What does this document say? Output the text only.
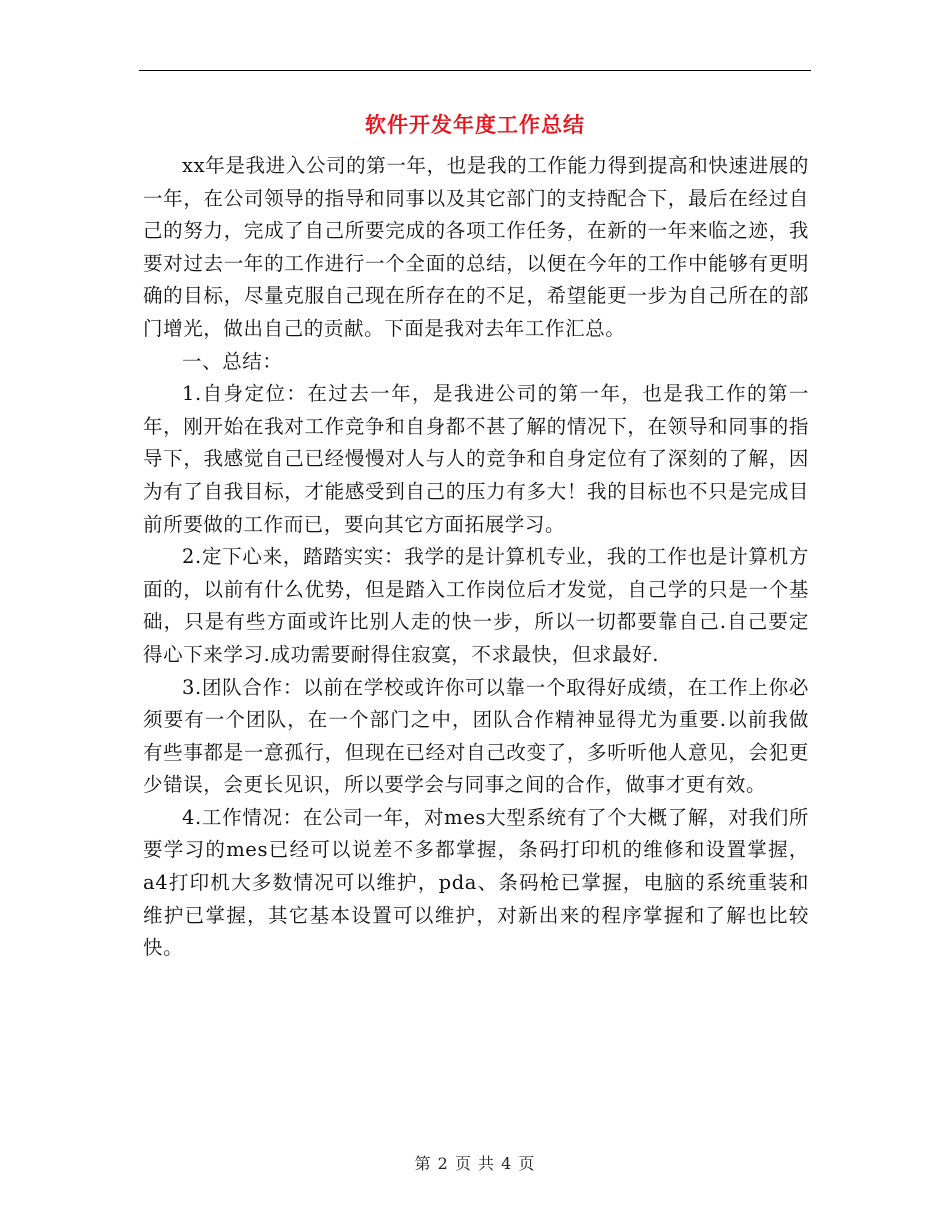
软件开发年度工作总结

xx年是我进入公司的第一年，也是我的工作能力得到提高和快速进展的一年，在公司领导的指导和同事以及其它部门的支持配合下，最后在经过自己的努力，完成了自己所要完成的各项工作任务，在新的一年来临之迹，我要对过去一年的工作进行一个全面的总结，以便在今年的工作中能够有更明确的目标，尽量克服自己现在所存在的不足，希望能更一步为自己所在的部门增光，做出自己的贡献。下面是我对去年工作汇总。

一、总结：

1.自身定位：在过去一年，是我进公司的第一年，也是我工作的第一年，刚开始在我对工作竞争和自身都不甚了解的情况下，在领导和同事的指导下，我感觉自己已经慢慢对人与人的竞争和自身定位有了深刻的了解，因为有了自我目标，才能感受到自己的压力有多大！我的目标也不只是完成目前所要做的工作而已，要向其它方面拓展学习。

2.定下心来，踏踏实实：我学的是计算机专业，我的工作也是计算机方面的，以前有什么优势，但是踏入工作岗位后才发觉，自己学的只是一个基础，只是有些方面或许比别人走的快一步，所以一切都要靠自己.自己要定得心下来学习.成功需要耐得住寂寞，不求最快，但求最好.

3.团队合作：以前在学校或许你可以靠一个取得好成绩，在工作上你必须要有一个团队，在一个部门之中，团队合作精神显得尤为重要.以前我做有些事都是一意孤行，但现在已经对自己改变了，多听听他人意见，会犯更少错误，会更长见识，所以要学会与同事之间的合作，做事才更有效。

4.工作情况：在公司一年，对mes大型系统有了个大概了解，对我们所要学习的mes已经可以说差不多都掌握，条码打印机的维修和设置掌握，a4打印机大多数情况可以维护，pda、条码枪已掌握，电脑的系统重装和维护已掌握，其它基本设置可以维护，对新出来的程序掌握和了解也比较快。

第 2 页 共 4 页
